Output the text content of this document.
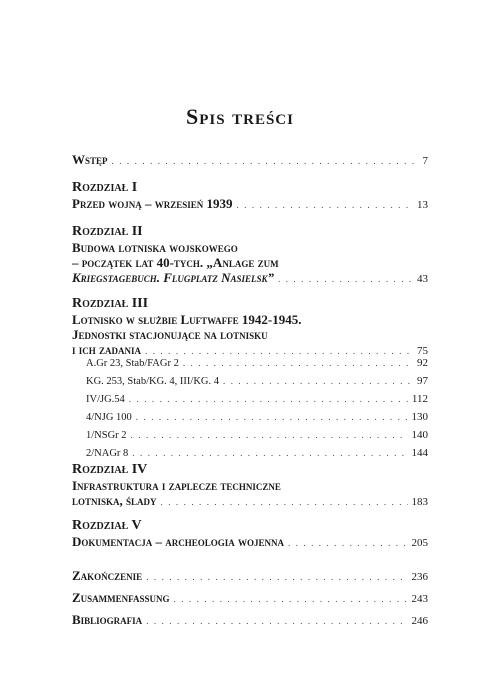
Spis treści
Wstęp . . .	7
Rozdział I
Przed wojną – wrzesień 1939 . . .	13
Rozdział II
Budowa lotniska wojskowego
– początek lat 40-tych. „Anlage zum
Kriegstagebuch. Flugplatz Nasielsk” . . .	43
Rozdział III
Lotnisko w służbie Luftwaffe 1942-1945.
Jednostki stacjonujące na lotnisku
i ich zadania . . .	75
A.Gr 23, Stab/FAGr 2 . . .	92
KG. 253, Stab/KG. 4, III/KG. 4 . . .	97
IV/JG.54 . . .	112
4/NJG 100 . . .	130
1/NSGr 2 . . .	140
2/NAGr 8 . . .	144
Rozdział IV
Infrastruktura i zaplecze techniczne
lotniska, ślady . . .	183
Rozdział V
Dokumentacja – archeologia wojenna . . .	205
Zakończenie . . .	236
Zusammenfassung . . .	243
Bibliografia . . .	246
